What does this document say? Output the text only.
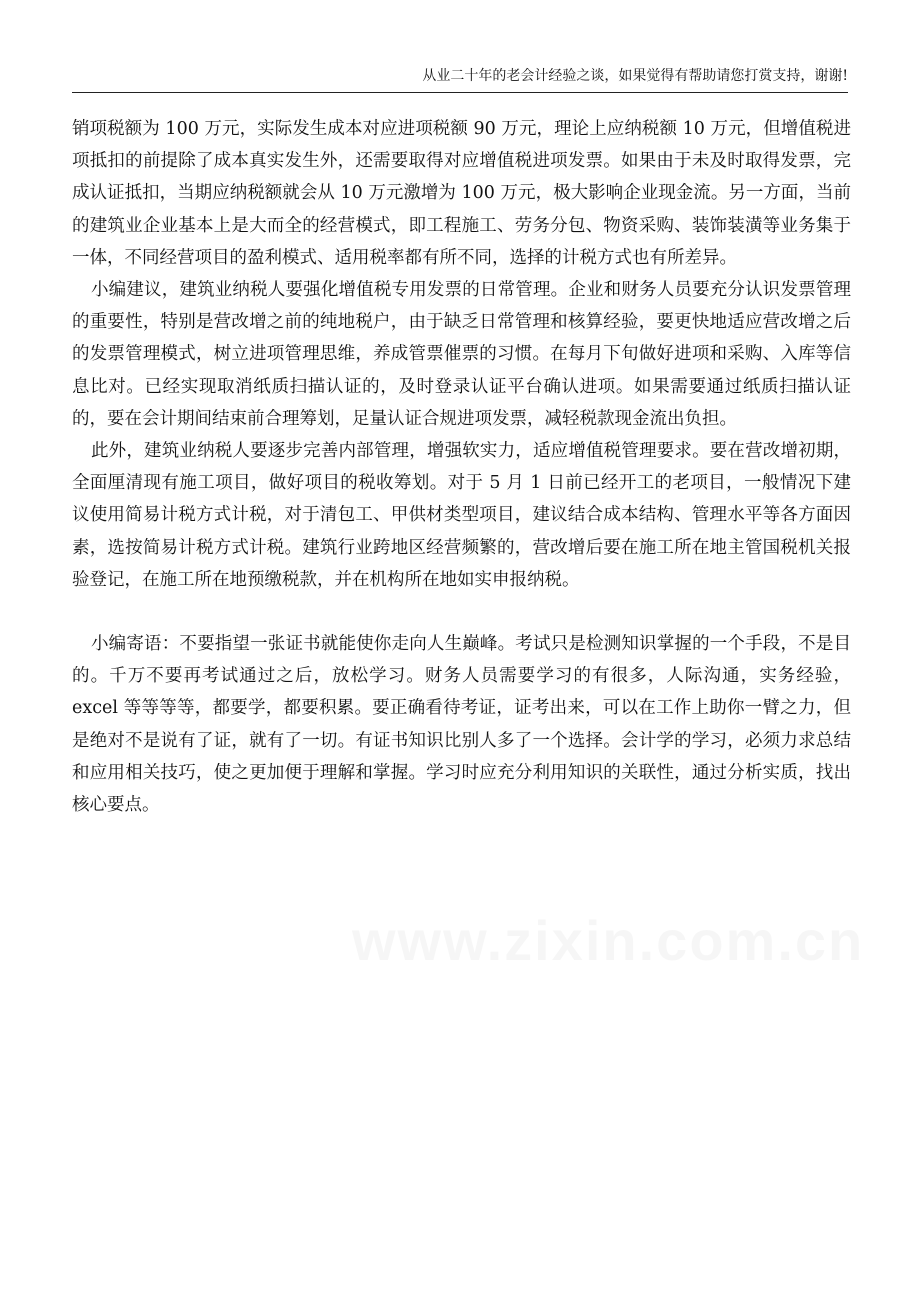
从业二十年的老会计经验之谈，如果觉得有帮助请您打赏支持，谢谢!

销项税额为 100 万元，实际发生成本对应进项税额 90 万元，理论上应纳税额 10 万元，但增值税进项抵扣的前提除了成本真实发生外，还需要取得对应增值税进项发票。如果由于未及时取得发票，完成认证抵扣，当期应纳税额就会从 10 万元激增为 100 万元，极大影响企业现金流。另一方面，当前的建筑业企业基本上是大而全的经营模式，即工程施工、劳务分包、物资采购、装饰装潢等业务集于一体，不同经营项目的盈利模式、适用税率都有所不同，选择的计税方式也有所差异。

小编建议，建筑业纳税人要强化增值税专用发票的日常管理。企业和财务人员要充分认识发票管理的重要性，特别是营改增之前的纯地税户，由于缺乏日常管理和核算经验，要更快地适应营改增之后的发票管理模式，树立进项管理思维，养成管票催票的习惯。在每月下旬做好进项和采购、入库等信息比对。已经实现取消纸质扫描认证的，及时登录认证平台确认进项。如果需要通过纸质扫描认证的，要在会计期间结束前合理筹划，足量认证合规进项发票，减轻税款现金流出负担。

此外，建筑业纳税人要逐步完善内部管理，增强软实力，适应增值税管理要求。要在营改增初期，全面厘清现有施工项目，做好项目的税收筹划。对于 5 月 1 日前已经开工的老项目，一般情况下建议使用简易计税方式计税，对于清包工、甲供材类型项目，建议结合成本结构、管理水平等各方面因素，选按简易计税方式计税。建筑行业跨地区经营频繁的，营改增后要在施工所在地主管国税机关报验登记，在施工所在地预缴税款，并在机构所在地如实申报纳税。

小编寄语：不要指望一张证书就能使你走向人生巅峰。考试只是检测知识掌握的一个手段，不是目的。千万不要再考试通过之后，放松学习。财务人员需要学习的有很多，人际沟通，实务经验，excel 等等等等，都要学，都要积累。要正确看待考证，证考出来，可以在工作上助你一臂之力，但是绝对不是说有了证，就有了一切。有证书知识比别人多了一个选择。会计学的学习，必须力求总结和应用相关技巧，使之更加便于理解和掌握。学习时应充分利用知识的关联性，通过分析实质，找出核心要点。
